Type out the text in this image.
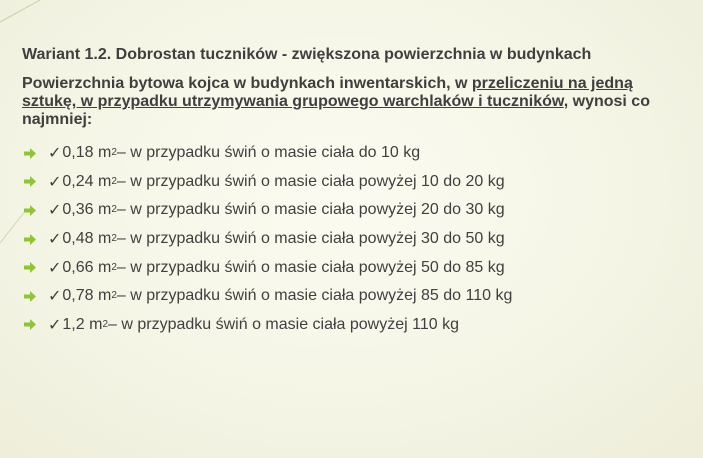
Wariant 1.2. Dobrostan tuczników - zwiększona powierzchnia w budynkach
Powierzchnia bytowa kojca w budynkach inwentarskich, w przeliczeniu na jedną sztukę, w przypadku utrzymywania grupowego warchlaków i tuczników, wynosi co najmniej:
✓ 0,18
m 2 – w przypadku świń o masie ciała do 10 kg
✓ 0,24
m 2 – w przypadku świń o masie ciała powyżej 10 do 20 kg
✓ 0,36
m 2 – w przypadku świń o masie ciała powyżej 20 do 30 kg
✓ 0,48
m 2 – w przypadku świń o masie ciała powyżej 30 do 50 kg
✓ 0,66
m 2 – w przypadku świń o masie ciała powyżej 50 do 85 kg
✓ 0,78
m 2 – w przypadku świń o masie ciała powyżej 85 do 110 kg
✓ 1,2
m 2 – w przypadku świń o masie ciała powyżej 110 kg
